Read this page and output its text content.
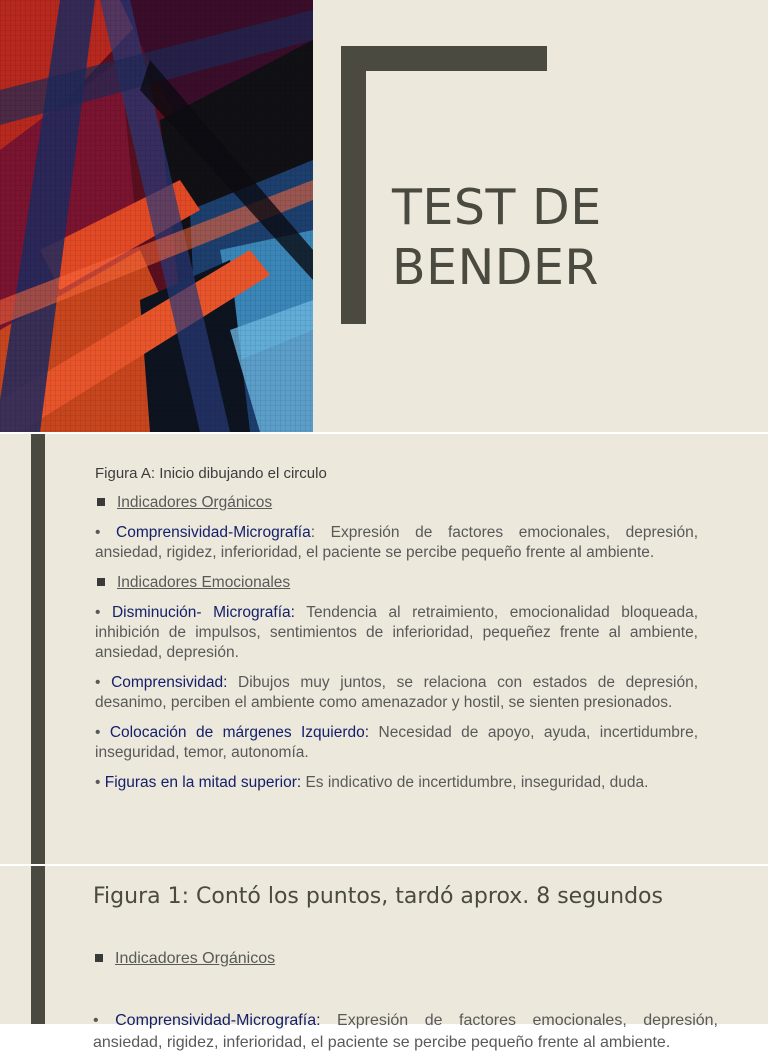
TEST DE
BENDER

Figura A: Inicio dibujando el circulo

Indicadores Orgánicos

• Comprensividad-Micrografía: Expresión de factores emocionales, depresión, ansiedad, rigidez, inferioridad, el paciente se percibe pequeño frente al ambiente.

Indicadores Emocionales

• Disminución- Micrografía: Tendencia al retraimiento, emocionalidad bloqueada, inhibición de impulsos, sentimientos de inferioridad, pequeñez frente al ambiente, ansiedad, depresión.

• Comprensividad: Dibujos muy juntos, se relaciona con estados de depresión, desanimo, perciben el ambiente como amenazador y hostil, se sienten presionados.

• Colocación de márgenes Izquierdo: Necesidad de apoyo, ayuda, incertidumbre, inseguridad, temor, autonomía.

• Figuras en la mitad superior: Es indicativo de incertidumbre, inseguridad, duda.

Figura 1: Contó los puntos, tardó aprox. 8 segundos
Indicadores Orgánicos

• Comprensividad-Micrografía: Expresión de factores emocionales, depresión, ansiedad, rigidez, inferioridad, el paciente se percibe pequeño frente al ambiente.
